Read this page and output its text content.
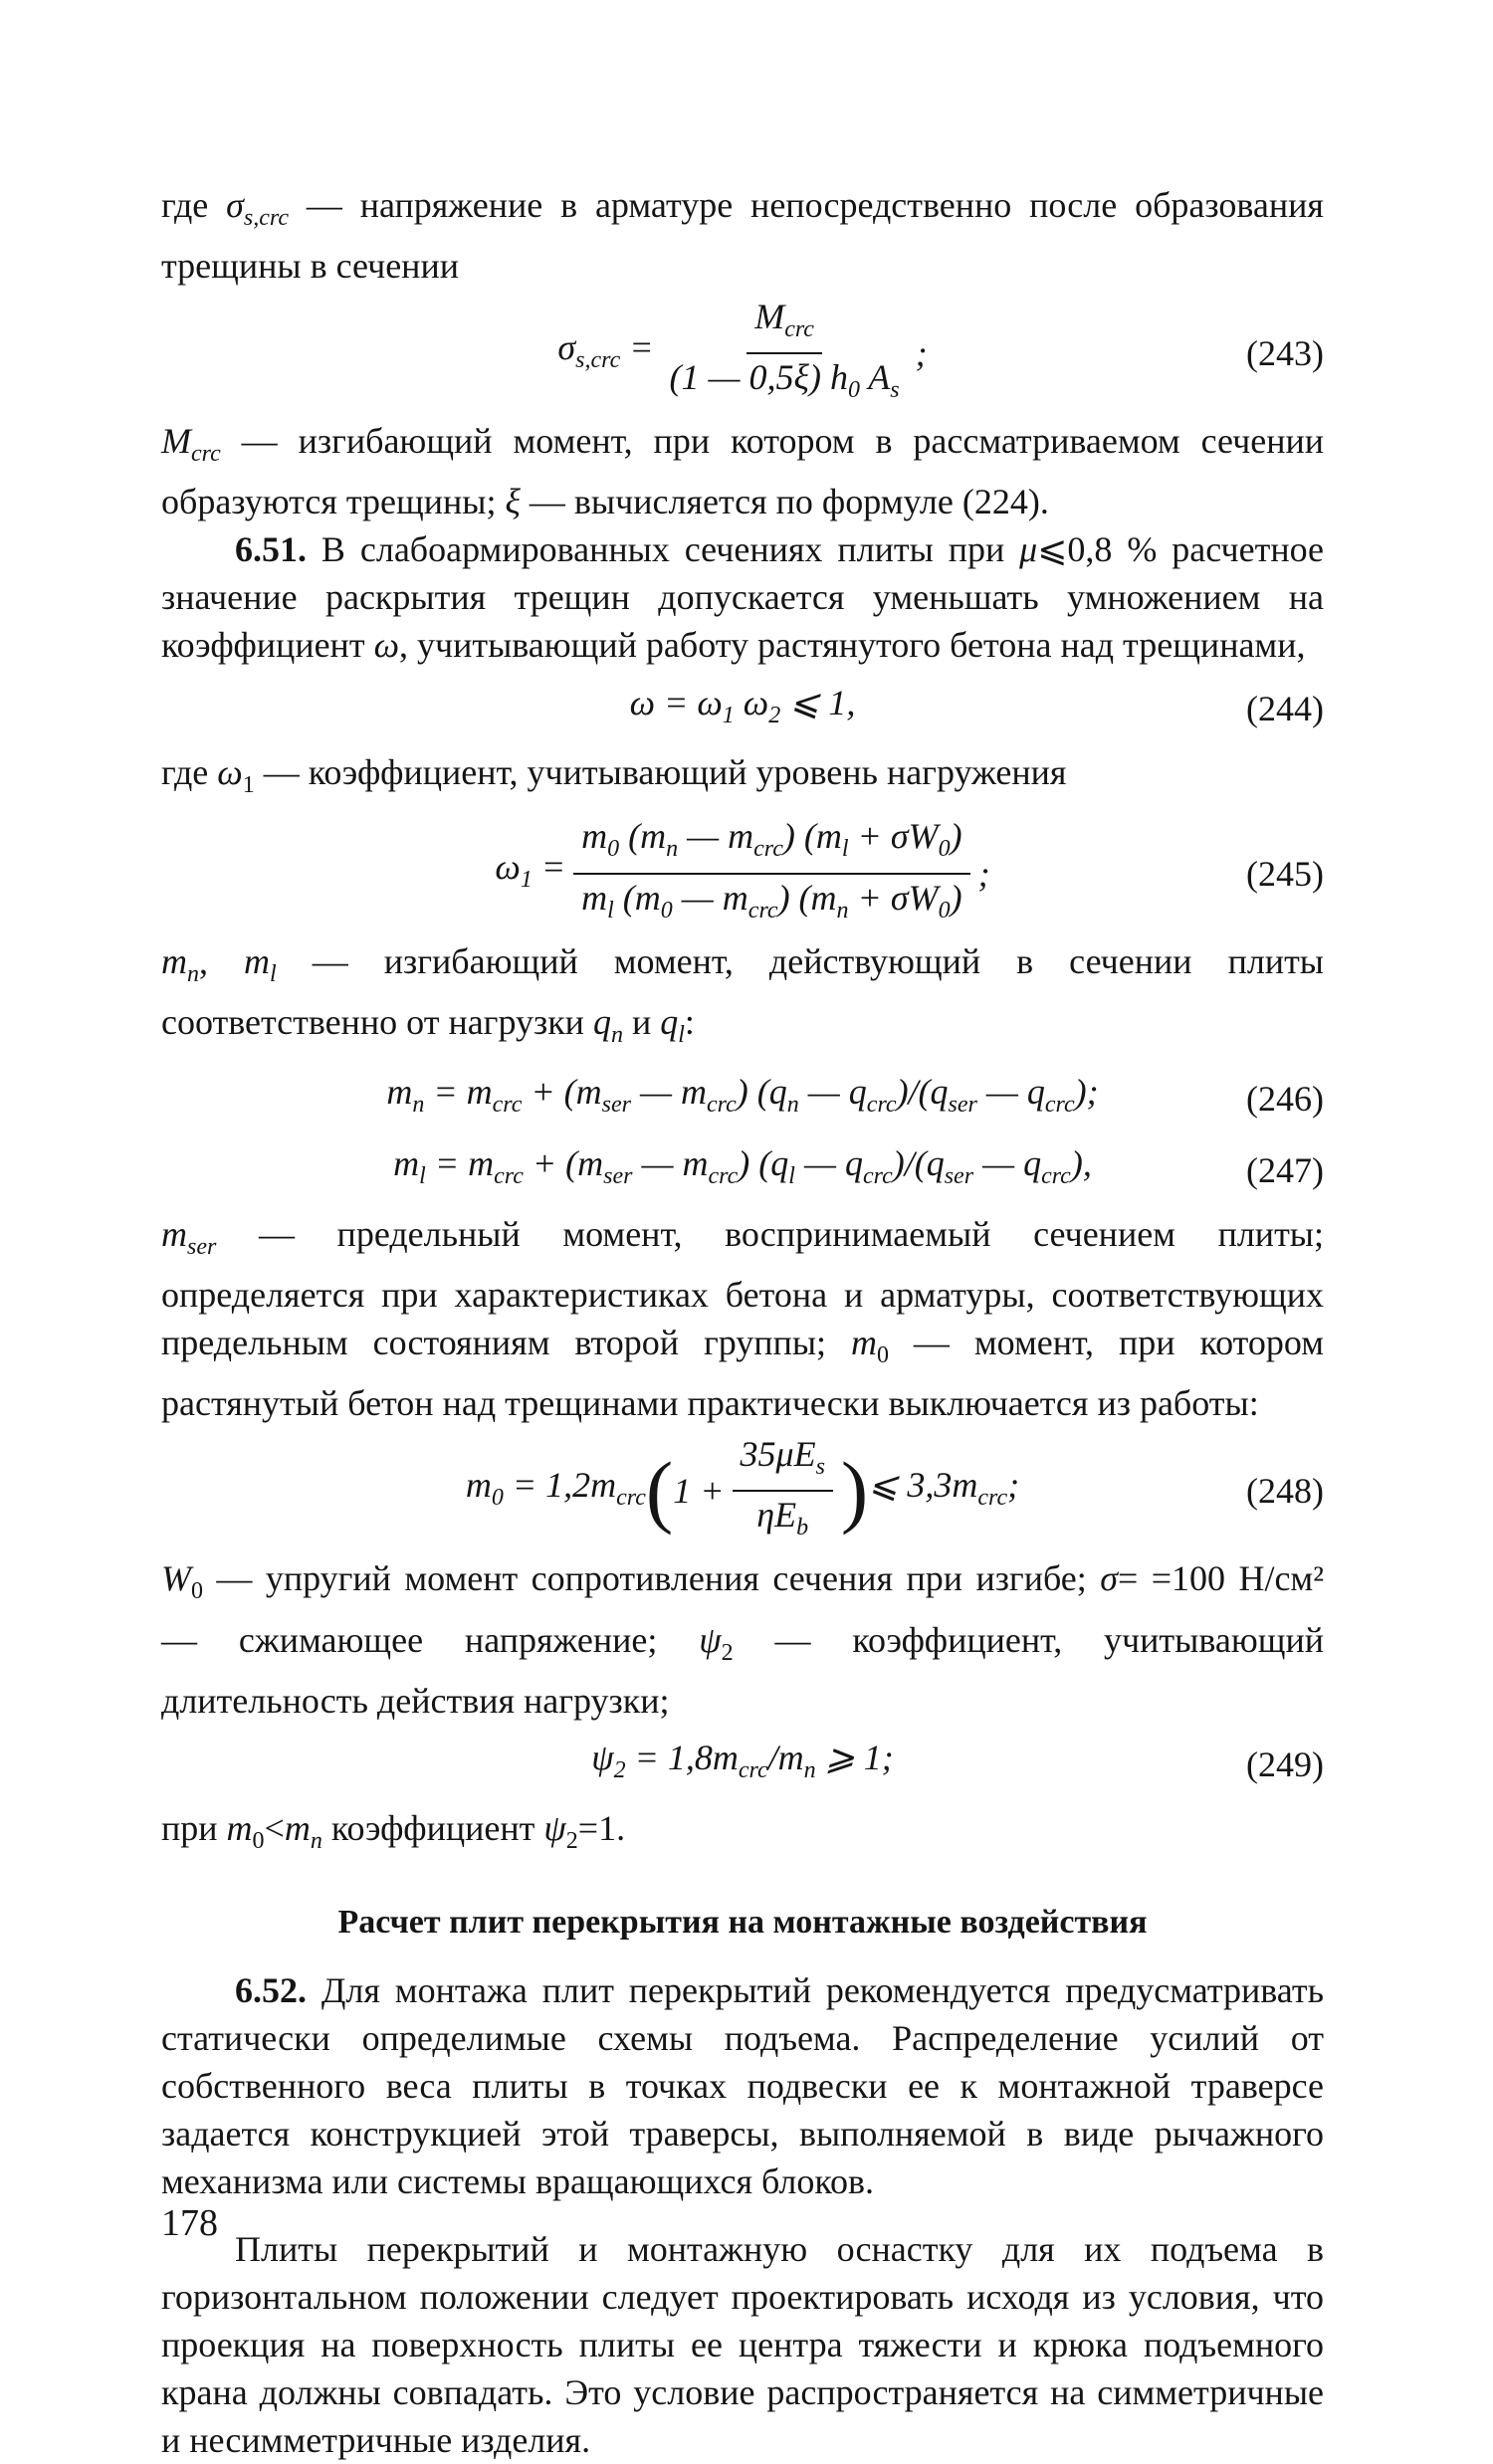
где $\sigma_{s,crc}$ — напряжение в арматуре непосредственно после образования трещины в сечении

$\sigma_{s,crc} = \frac{M_{crc}}{(1 — 0,5\xi) h_0 A_s}$ ;	(243)

$M_{crc}$ — изгибающий момент, при котором в рассматриваемом сечении образуются трещины; ξ — вычисляется по формуле (224).

6.51. В слабоармированных сечениях плиты при μ⩽0,8 % расчетное значение раскрытия трещин допускается уменьшать умножением на коэффициент ω, учитывающий работу растянутого бетона над трещинами,

$\omega = \omega_1$ $\omega_2$ ⩽ 1,	(244)

где $\omega_1$ — коэффициент, учитывающий уровень нагружения

$\omega_1 = \frac{m_0 (m_n — m_{crc}) (m_l + \sigma W_0)}{m_l (m_0 — m_{crc}) (m_n + \sigma W_0)}$ ;	(245)

$m_n$, $m_l$ — изгибающий момент, действующий в сечении плиты соответственно от нагрузки $q_n$ и $q_l$:

$m_n = m_{crc} + (m_{ser}$ — $m_{crc}$) ($q_n$ — $q_{crc})/(q_{ser}$ — $q_{crc}$);	(246)
$m_l = m_{crc} + (m_{ser}$ — $m_{crc}$) ($q_l$ — $q_{crc})/(q_{ser}$ — $q_{crc}$),	(247)

$m_{ser}$ — предельный момент, воспринимаемый сечением плиты; определяется при характеристиках бетона и арматуры, соответствующих предельным состояниям второй группы; $m_0$ — момент, при котором растянутый бетон над трещинами практически выключается из работы:

$m_0 = 1,2m_{crc}$ ( $1 + \frac{35\mu E_s}{\eta E_b}$ ) ⩽ $3,3m_{crc}$;	(248)

$W_0$ — упругий момент сопротивления сечения при изгибе; σ= =100 Н/см² — сжимающее напряжение; $\psi_2$ — коэффициент, учитывающий длительность действия нагрузки;

$\psi_2 = 1,8m_{crc}/m_n$ ⩾ 1;	(249)

при $m_0<m_n$ коэффициент $\psi_2=1$.

Расчет плит перекрытия на монтажные воздействия

6.52. Для монтажа плит перекрытий рекомендуется предусматривать статически определимые схемы подъема. Распределение усилий от собственного веса плиты в точках подвески ее к монтажной траверсе задается конструкцией этой траверсы, выполняемой в виде рычажного механизма или системы вращающихся блоков.

Плиты перекрытий и монтажную оснастку для их подъема в горизонтальном положении следует проектировать исходя из условия, что проекция на поверхность плиты ее центра тяжести и крюка подъемного крана должны совпадать. Это условие распространяется на симметричные и несимметричные изделия.

178
